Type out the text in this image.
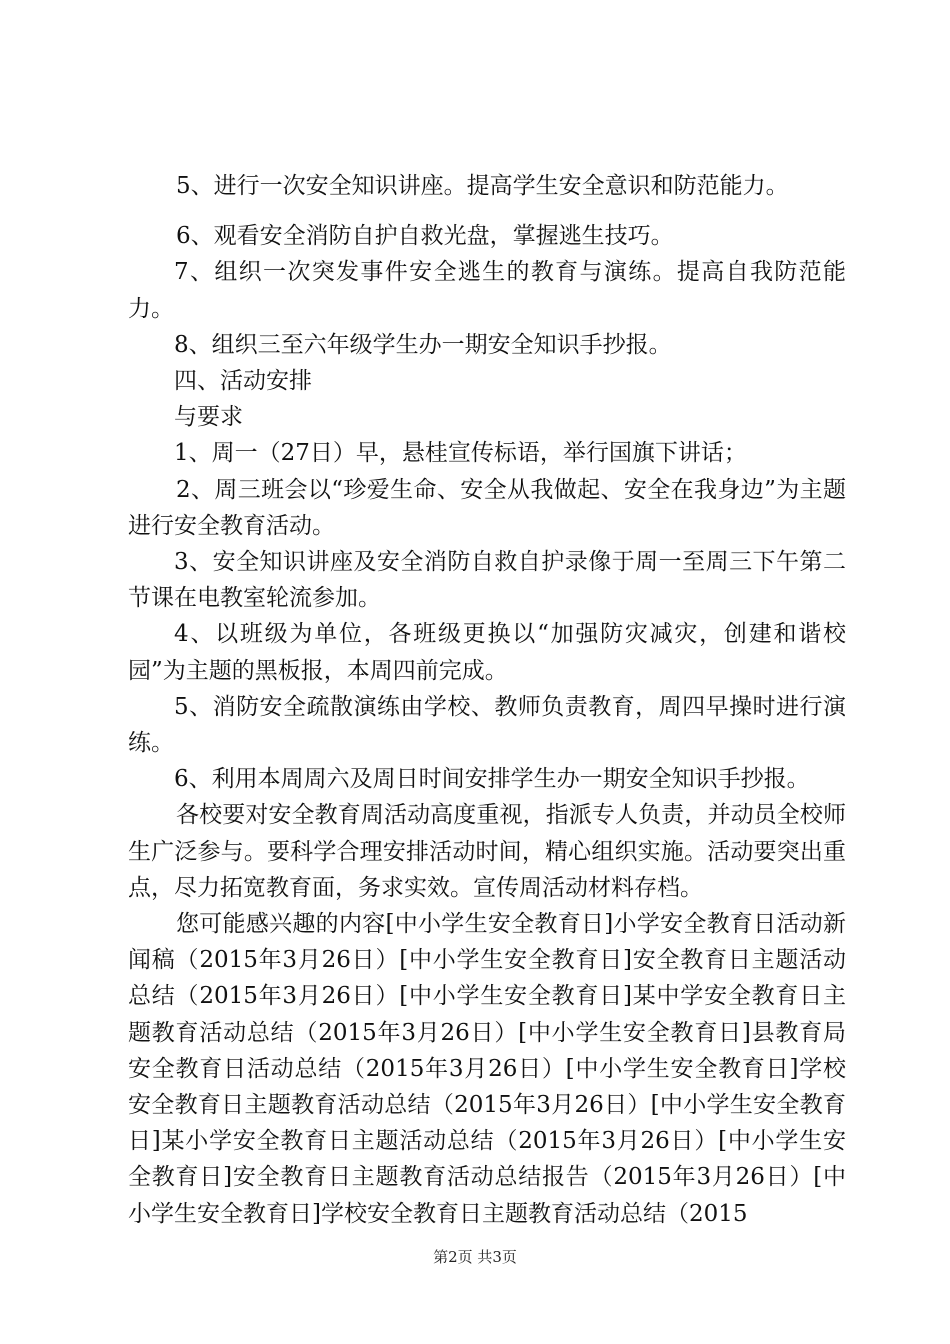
5、进行一次安全知识讲座。提高学生安全意识和防范能力。

6、观看安全消防自护自救光盘，掌握逃生技巧。

7、组织一次突发事件安全逃生的教育与演练。提高自我防范能力。

8、组织三至六年级学生办一期安全知识手抄报。

四、活动安排

与要求

1、周一（27日）早，悬桂宣传标语，举行国旗下讲话；

2、周三班会以“珍爱生命、安全从我做起、安全在我身边”为主题进行安全教育活动。

3、安全知识讲座及安全消防自救自护录像于周一至周三下午第二节课在电教室轮流参加。

4、以班级为单位，各班级更换以“加强防灾减灾，创建和谐校园”为主题的黑板报，本周四前完成。

5、消防安全疏散演练由学校、教师负责教育，周四早操时进行演练。

6、利用本周周六及周日时间安排学生办一期安全知识手抄报。

各校要对安全教育周活动高度重视，指派专人负责，并动员全校师生广泛参与。要科学合理安排活动时间，精心组织实施。活动要突出重点，尽力拓宽教育面，务求实效。宣传周活动材料存档。

您可能感兴趣的内容[中小学生安全教育日]小学安全教育日活动新闻稿（2015年3月26日）[中小学生安全教育日]安全教育日主题活动总结（2015年3月26日）[中小学生安全教育日]某中学安全教育日主题教育活动总结（2015年3月26日）[中小学生安全教育日]县教育局安全教育日活动总结（2015年3月26日）[中小学生安全教育日]学校安全教育日主题教育活动总结（2015年3月26日）[中小学生安全教育日]某小学安全教育日主题活动总结（2015年3月26日）[中小学生安全教育日]安全教育日主题教育活动总结报告（2015年3月26日）[中小学生安全教育日]学校安全教育日主题教育活动总结（2015

第2页 共3页
